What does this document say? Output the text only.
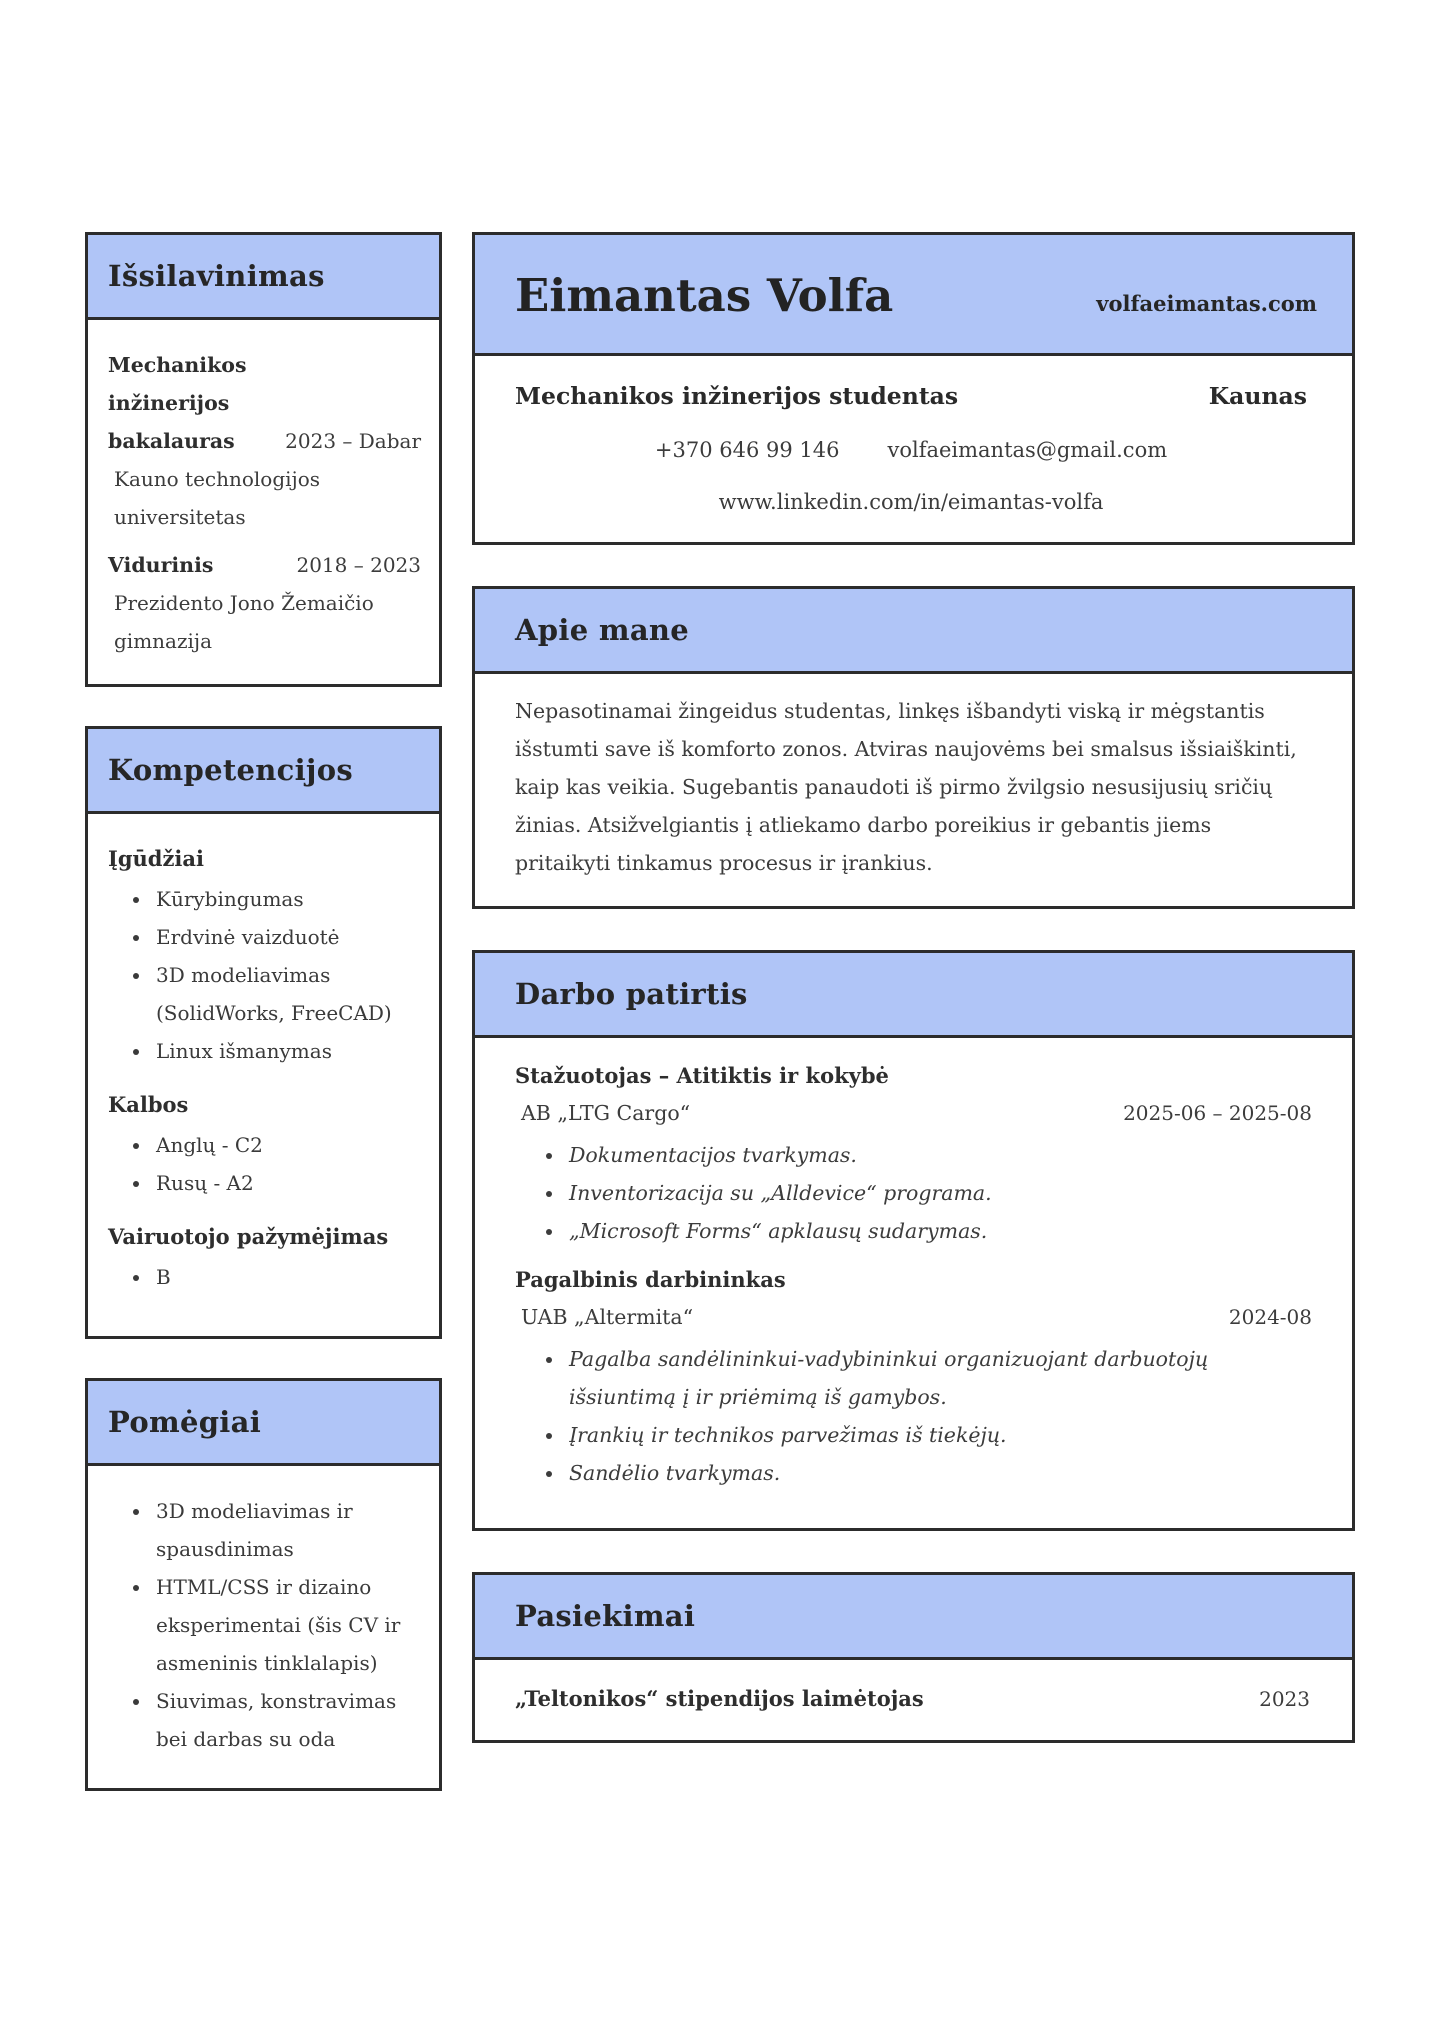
Išsilavinimas
Mechanikos inžinerijos bakalauras	2023 – Dabar
Kauno technologijos universitetas
Vidurinis	2018 – 2023
Prezidento Jono Žemaičio gimnazija
Kompetencijos
Įgūdžiai
• Kūrybingumas
• Erdvinė vaizduotė
• 3D modeliavimas (SolidWorks, FreeCAD)
• Linux išmanymas
Kalbos
• Anglų - C2
• Rusų - A2
Vairuotojo pažymėjimas
• B
Pomėgiai
• 3D modeliavimas ir spausdinimas
• HTML/CSS ir dizaino eksperimentai (šis CV ir asmeninis tinklalapis)
• Siuvimas, konstravimas bei darbas su oda
Eimantas Volfa	volfaeimantas.com
Mechanikos inžinerijos studentas	Kaunas
+370 646 99 146 volfaeimantas@gmail.com
www.linkedin.com/in/eimantas-volfa
Apie mane
Nepasotinamai žingeidus studentas, linkęs išbandyti viską ir mėgstantis išstumti save iš komforto zonos. Atviras naujovėms bei smalsus išsiaiškinti, kaip kas veikia. Sugebantis panaudoti iš pirmo žvilgsio nesusijusių sričių žinias. Atsižvelgiantis į atliekamo darbo poreikius ir gebantis jiems pritaikyti tinkamus procesus ir įrankius.
Darbo patirtis
Stažuotojas – Atitiktis ir kokybė
AB „LTG Cargo“	2025-06 – 2025-08
• Dokumentacijos tvarkymas.
• Inventorizacija su „Alldevice“ programa.
• „Microsoft Forms“ apklausų sudarymas.
Pagalbinis darbininkas
UAB „Altermita“	2024-08
• Pagalba sandėlininkui-vadybininkui organizuojant darbuotojų išsiuntimą į ir priėmimą iš gamybos.
• Įrankių ir technikos parvežimas iš tiekėjų.
• Sandėlio tvarkymas.
Pasiekimai
„Teltonikos“ stipendijos laimėtojas	2023
